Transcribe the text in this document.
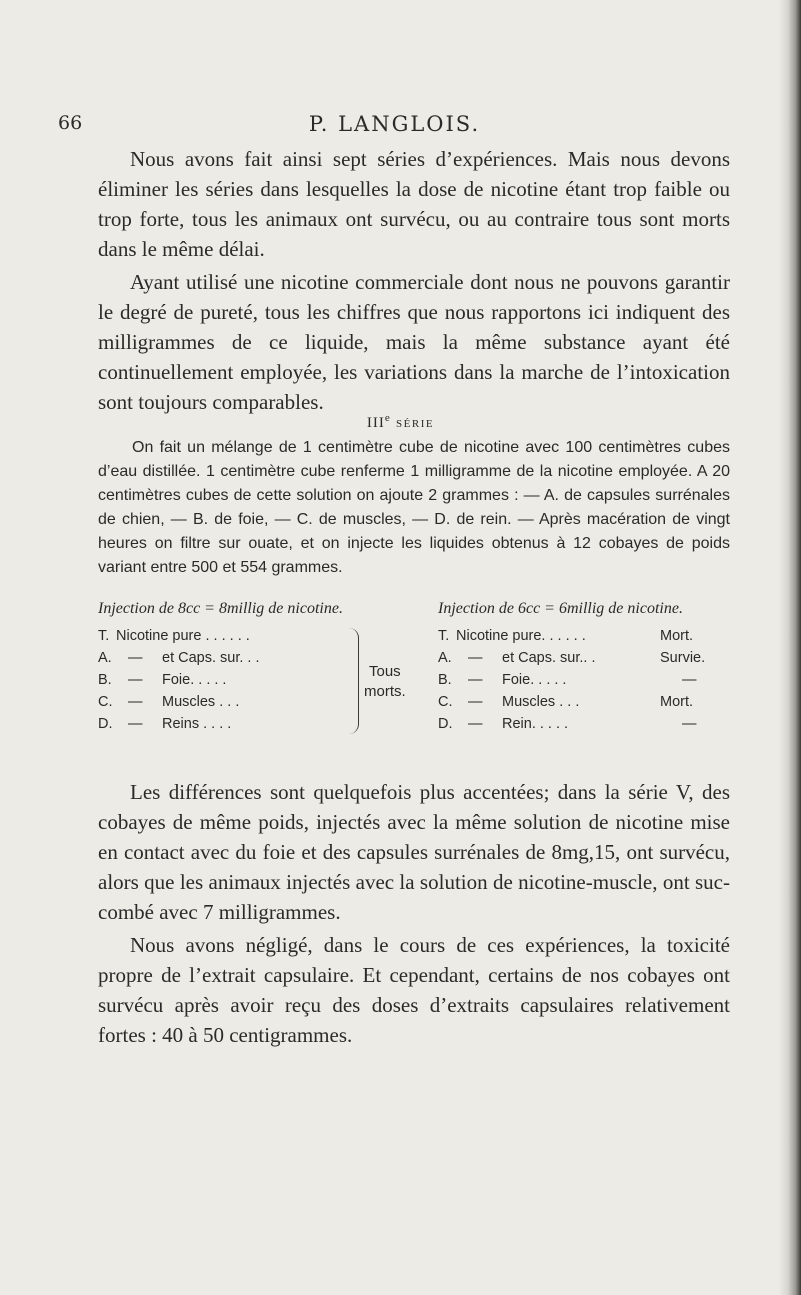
66	P. LANGLOIS.

Nous avons fait ainsi sept séries d’expériences. Mais nous devons éliminer les séries dans lesquelles la dose de nicotine étant trop faible ou trop forte, tous les animaux ont survécu, ou au contraire tous sont morts dans le même délai.

Ayant utilisé une nicotine commerciale dont nous ne pouvons garantir le degré de pureté, tous les chiffres que nous rapportons ici indiquent des milligrammes de ce liquide, mais la même substance ayant été continuellement employée, les variations dans la marche de l’intoxication sont toujours comparables.

IIIe SÉRIE

On fait un mélange de 1 centimètre cube de nicotine avec 100 centimètres cubes d’eau distillée. 1 centimètre cube renferme 1 milligramme de la nicotine employée. A 20 centimètres cubes de cette solution on ajoute 2 grammes : — A. de capsules surrénales de chien, — B. de foie, — C. de muscles, — D. de rein. — Après macération de vingt heures on filtre sur ouate, et on injecte les liquides obtenus à 12 cobayes de poids variant entre 500 et 554 grammes.

Injection de 8cc = 8millig de nicotine.
T. Nicotine pure . . . . . .
A. — et Caps. sur. . .
B. — Foie. . . . .
C. — Muscles . . .
D. — Reins . . . .
Tous
morts.
Injection de 6cc = 6millig de nicotine.
T. Nicotine pure. . . . . .	Mort.
A. — et Caps. sur.. .	Survie.
B. — Foie. . . . .	—
C. — Muscles . . .	Mort.
D. — Rein. . . . .	—

Les différences sont quelquefois plus accentées; dans la série V, des cobayes de même poids, injectés avec la même solution de nicotine mise en contact avec du foie et des capsules surrénales de 8mg,15, ont survécu, alors que les animaux injectés avec la solution de nicotine-muscle, ont succombé avec 7 milligrammes.

Nous avons négligé, dans le cours de ces expériences, la toxicité propre de l’extrait capsulaire. Et cependant, certains de nos cobayes ont survécu après avoir reçu des doses d’extraits capsulaires relativement fortes : 40 à 50 centigrammes.
